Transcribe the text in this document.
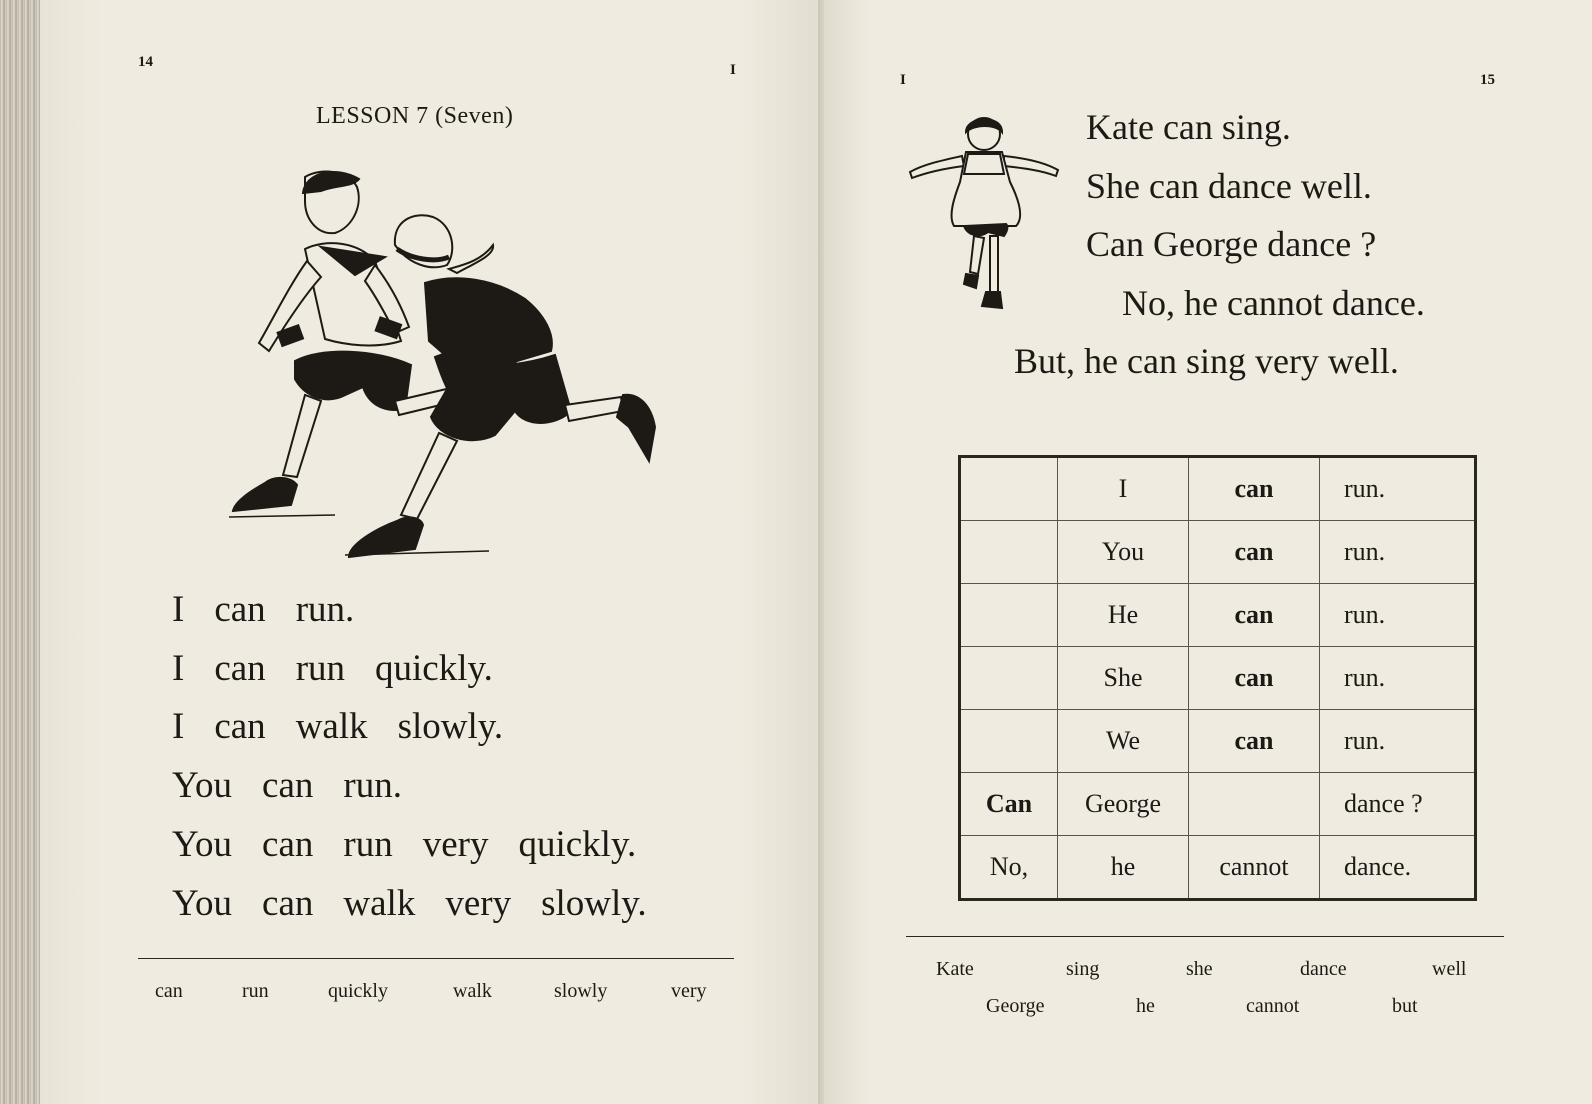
14	I
LESSON 7 (Seven)
I can run.
I can run quickly.
I can walk slowly.
You can run.
You can run very quickly.
You can walk very slowly.
can	run	quickly	walk	slowly	very
I	15
Kate can sing.
She can dance well.
Can George dance ?
No, he cannot dance.
But, he can sing very well.
	I	can	run.
	You	can	run.
	He	can	run.
	She	can	run.
	We	can	run.
Can	George		dance ?
No,	he	cannot	dance.
Kate	sing	she	dance	well
George	he	cannot	but
